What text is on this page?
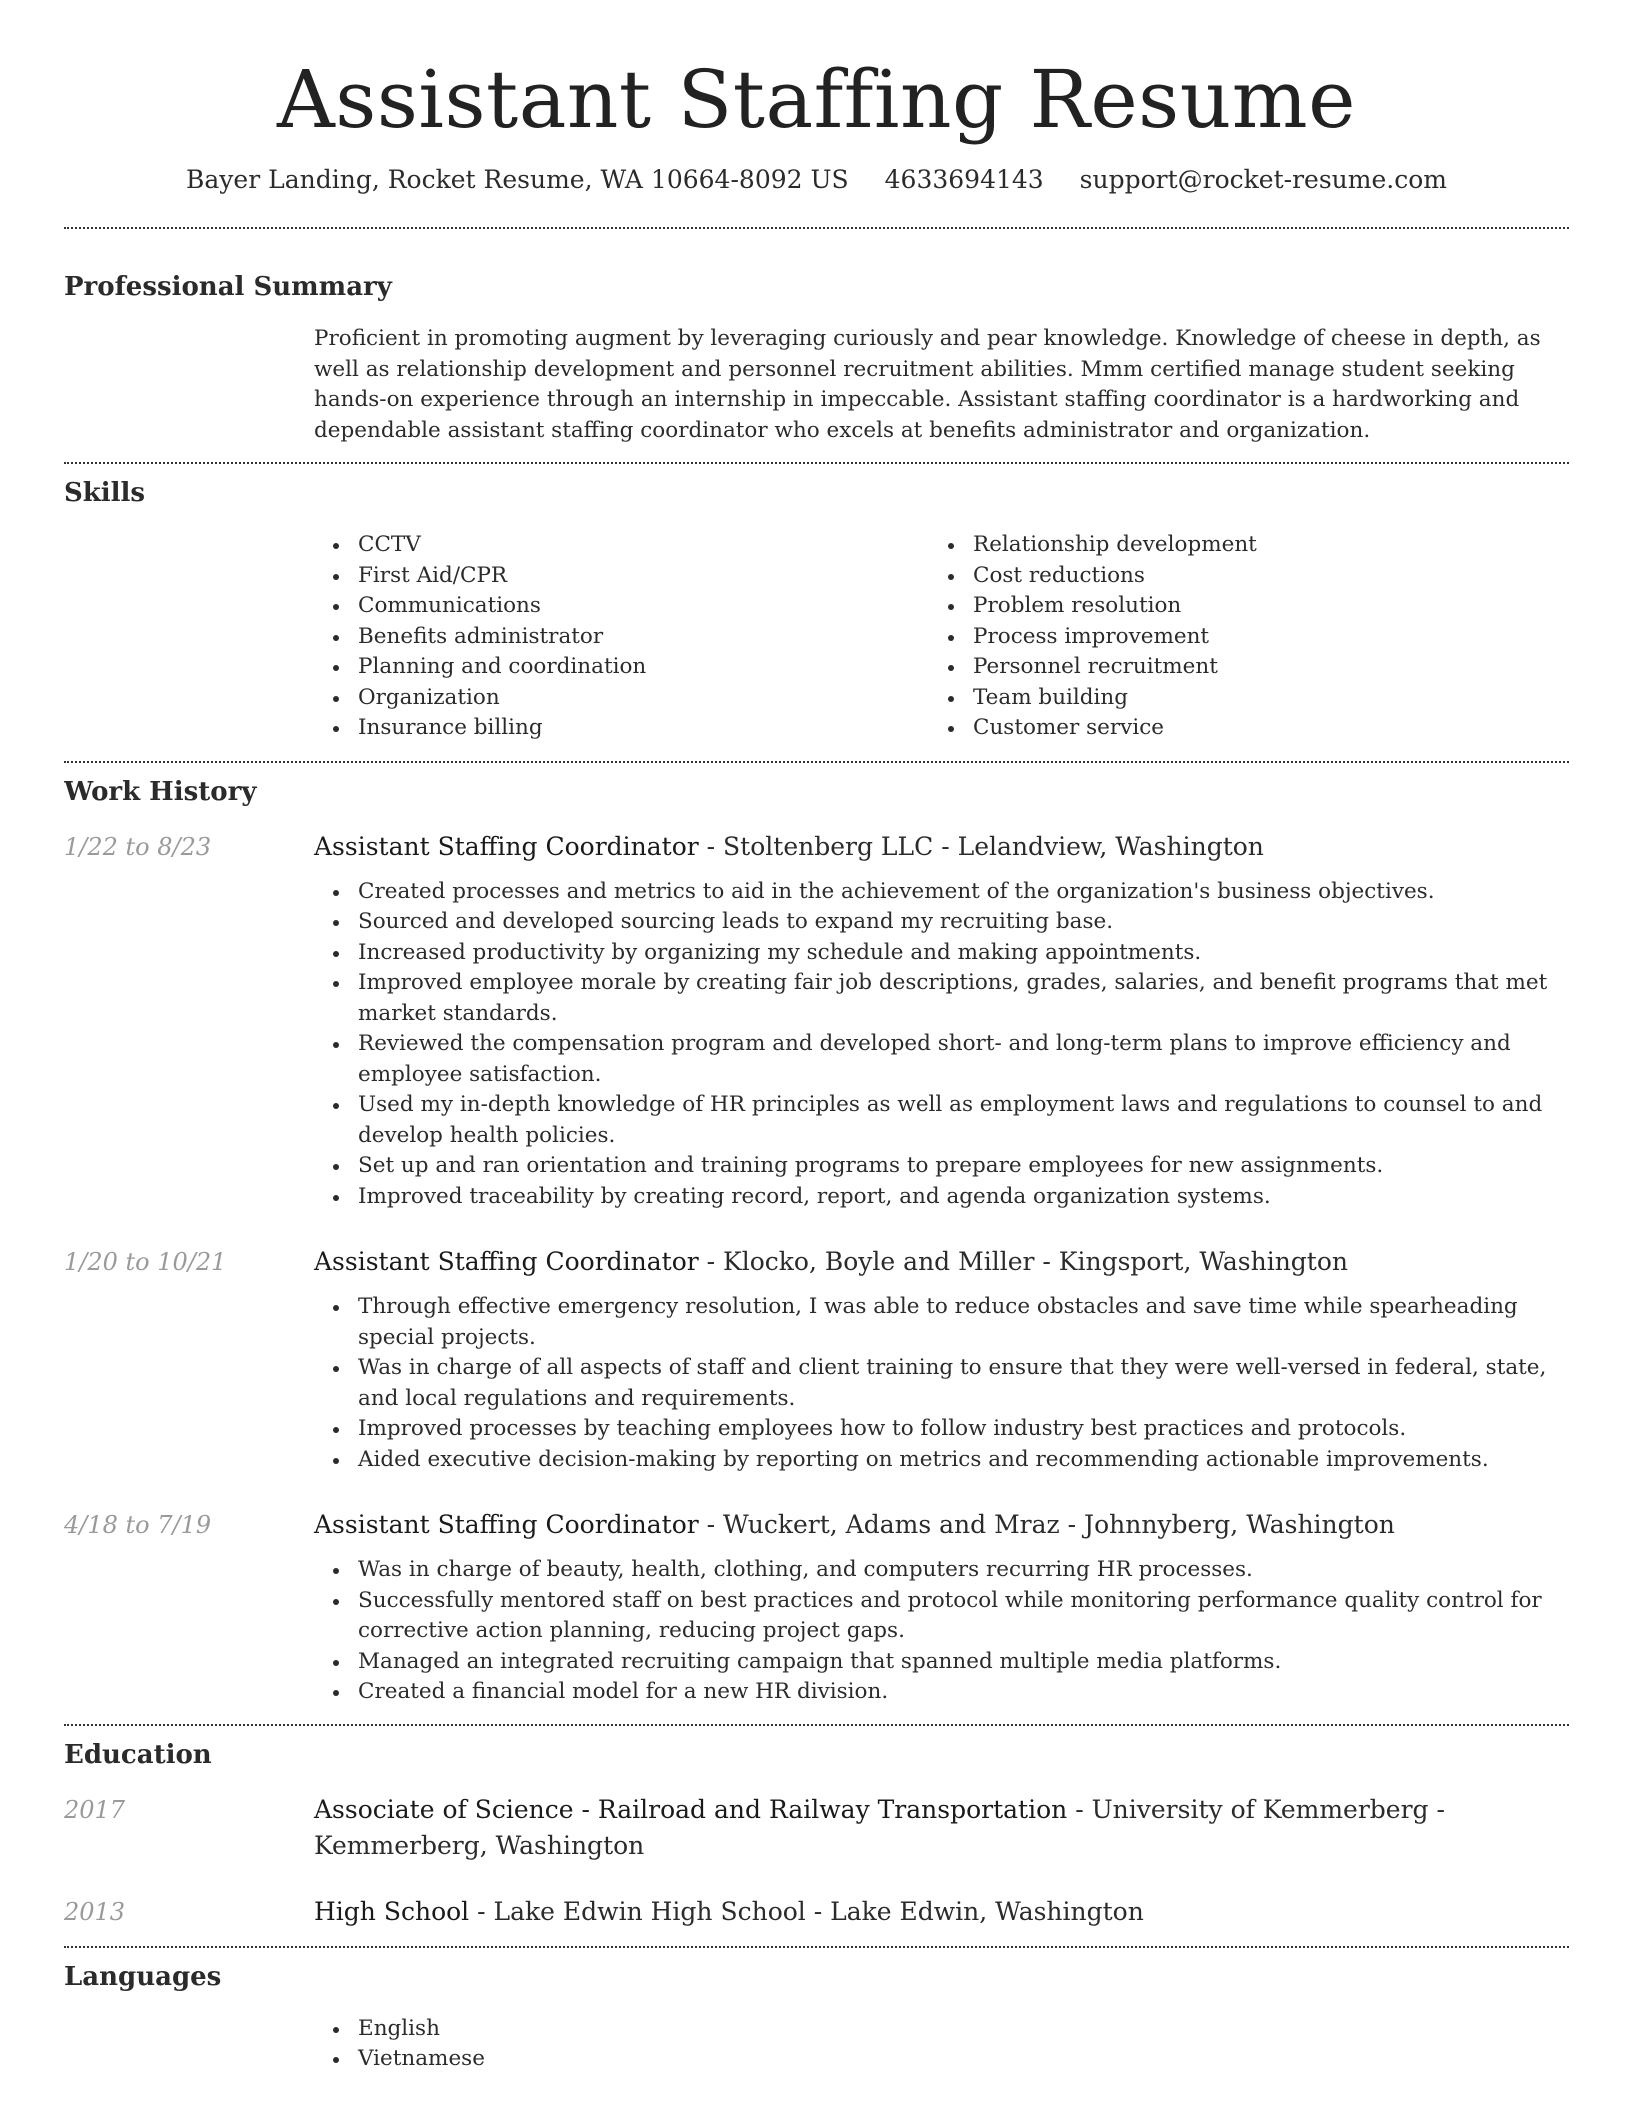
Assistant Staffing Resume
Bayer Landing, Rocket Resume, WA 10664-8092 US 4633694143 support@rocket-resume.com
Professional Summary

Proficient in promoting augment by leveraging curiously and pear knowledge. Knowledge of cheese in depth, as well as relationship development and personnel recruitment abilities. Mmm certified manage student seeking hands-on experience through an internship in impeccable. Assistant staffing coordinator is a hardworking and dependable assistant staffing coordinator who excels at benefits administrator and organization.

Skills
CCTV
First Aid/CPR
Communications
Benefits administrator
Planning and coordination
Organization
Insurance billing
Relationship development
Cost reductions
Problem resolution
Process improvement
Personnel recruitment
Team building
Customer service
Work History
1/22 to 8/23	Assistant Staffing Coordinator - Stoltenberg LLC - Lelandview, Washington
Created processes and metrics to aid in the achievement of the organization's business objectives.
Sourced and developed sourcing leads to expand my recruiting base.
Increased productivity by organizing my schedule and making appointments.
Improved employee morale by creating fair job descriptions, grades, salaries, and benefit programs that met market standards.
Reviewed the compensation program and developed short- and long-term plans to improve efficiency and employee satisfaction.
Used my in-depth knowledge of HR principles as well as employment laws and regulations to counsel to and develop health policies.
Set up and ran orientation and training programs to prepare employees for new assignments.
Improved traceability by creating record, report, and agenda organization systems.
1/20 to 10/21	Assistant Staffing Coordinator - Klocko, Boyle and Miller - Kingsport, Washington
Through effective emergency resolution, I was able to reduce obstacles and save time while spearheading special projects.
Was in charge of all aspects of staff and client training to ensure that they were well-versed in federal, state, and local regulations and requirements.
Improved processes by teaching employees how to follow industry best practices and protocols.
Aided executive decision-making by reporting on metrics and recommending actionable improvements.
4/18 to 7/19	Assistant Staffing Coordinator - Wuckert, Adams and Mraz - Johnnyberg, Washington
Was in charge of beauty, health, clothing, and computers recurring HR processes.
Successfully mentored staff on best practices and protocol while monitoring performance quality control for corrective action planning, reducing project gaps.
Managed an integrated recruiting campaign that spanned multiple media platforms.
Created a financial model for a new HR division.
Education
2017	Associate of Science - Railroad and Railway Transportation - University of Kemmerberg - Kemmerberg, Washington
2013	High School - Lake Edwin High School - Lake Edwin, Washington
Languages
English
Vietnamese
